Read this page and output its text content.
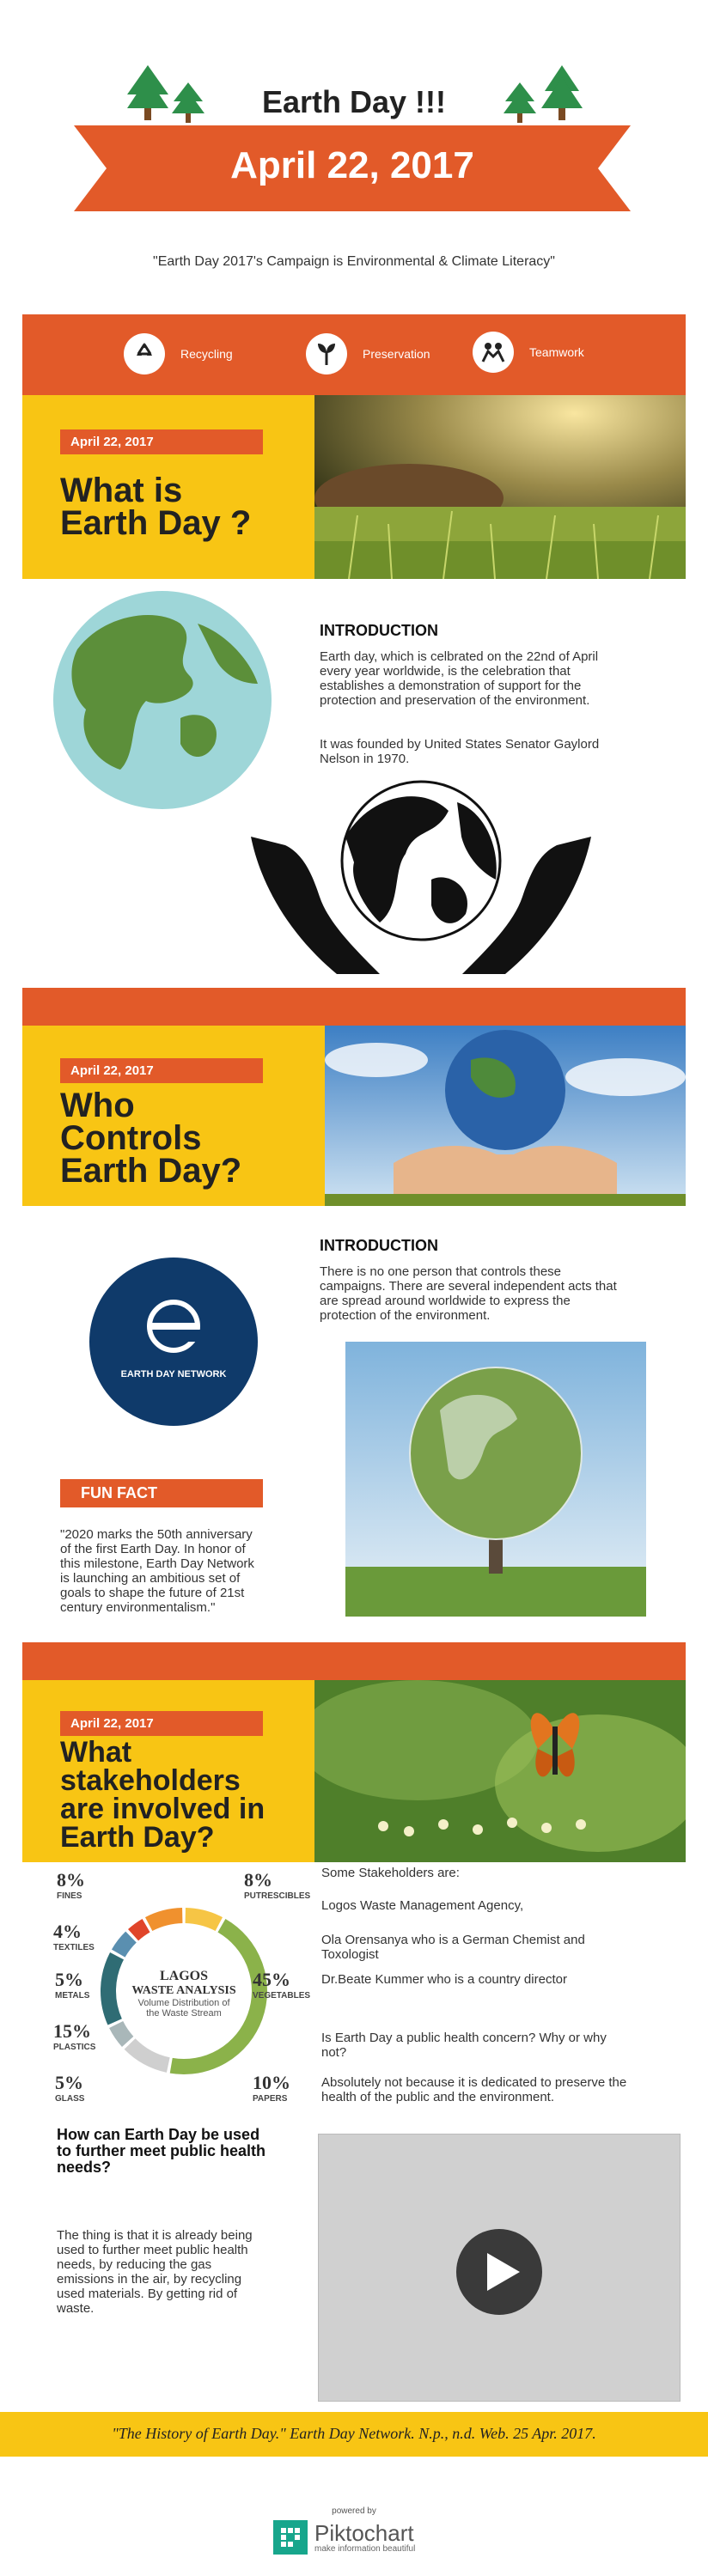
Earth Day !!!
April 22, 2017
"Earth Day 2017's Campaign is Environmental & Climate Literacy"
Recycling	Preservation	Teamwork
April 22, 2017
What is
Earth Day ?
INTRODUCTION
Earth day, which is celbrated on the 22nd of April every year worldwide, is the celebration that establishes a demonstration of support for the protection and preservation of the environment.
It was founded by United States Senator Gaylord Nelson in 1970.
April 22, 2017
Who
Controls
Earth Day?
EARTH DAY NETWORK
INTRODUCTION
There is no one person that controls these campaigns. There are several independent acts that are spread around worldwide to express the protection of the environment.
FUN FACT
"2020 marks the 50th anniversary of the first Earth Day. In honor of this milestone, Earth Day Network is launching an ambitious set of goals to shape the future of 21st century environmentalism."
April 22, 2017
What
stakeholders
are involved in
Earth Day?
LAGOS
WASTE ANALYSIS
Volume Distribution of the Waste Stream
8%
FINES
4%
TEXTILES
5%
METALS
15%
PLASTICS
5%
GLASS
8%
PUTRESCIBLES
45%
VEGETABLES
10%
PAPERS
Some Stakeholders are:
Logos Waste Management Agency,
Ola Orensanya who is a German Chemist and Toxologist
Dr.Beate Kummer who is a country director
Is Earth Day a public health concern? Why or why not?
Absolutely not because it is dedicated to preserve the health of the public and the environment.
How can Earth Day be used to further meet public health needs?
The thing is that it is already being used to further meet public health needs, by reducing the gas emissions in the air, by recycling used materials. By getting rid of waste.
"The History of Earth Day." Earth Day Network. N.p., n.d. Web. 25 Apr. 2017.
powered by
Piktochart
make information beautiful
